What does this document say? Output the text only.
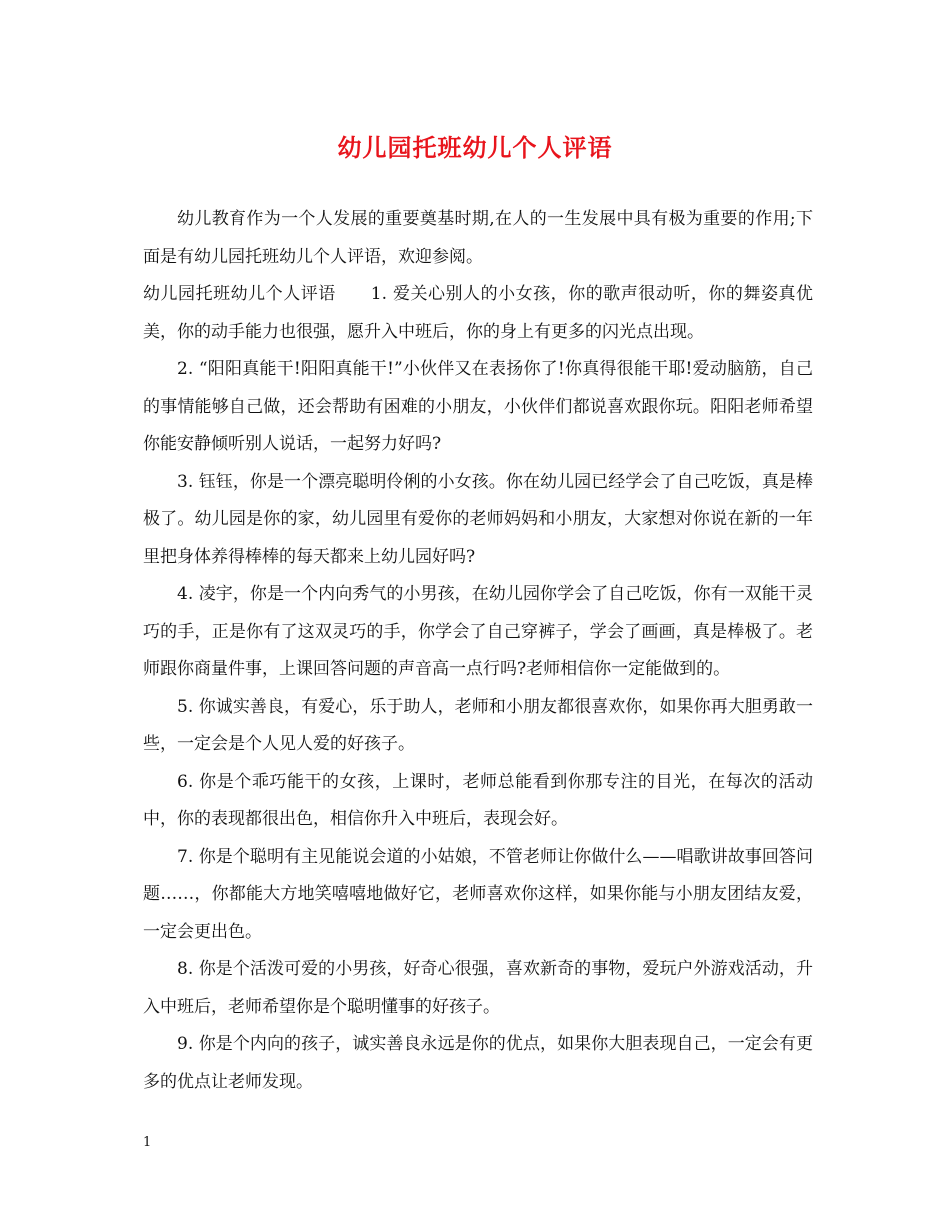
幼儿园托班幼儿个人评语

幼儿教育作为一个人发展的重要奠基时期,在人的一生发展中具有极为重要的作用;下面是有幼儿园托班幼儿个人评语，欢迎参阅。

幼儿园托班幼儿个人评语　　1. 爱关心别人的小女孩，你的歌声很动听，你的舞姿真优美，你的动手能力也很强，愿升入中班后，你的身上有更多的闪光点出现。

2. “阳阳真能干!阳阳真能干!”小伙伴又在表扬你了!你真得很能干耶!爱动脑筋，自己的事情能够自己做，还会帮助有困难的小朋友，小伙伴们都说喜欢跟你玩。阳阳老师希望你能安静倾听别人说话，一起努力好吗?

3. 钰钰，你是一个漂亮聪明伶俐的小女孩。你在幼儿园已经学会了自己吃饭，真是棒极了。幼儿园是你的家，幼儿园里有爱你的老师妈妈和小朋友，大家想对你说在新的一年里把身体养得棒棒的每天都来上幼儿园好吗?

4. 凌宇，你是一个内向秀气的小男孩，在幼儿园你学会了自己吃饭，你有一双能干灵巧的手，正是你有了这双灵巧的手，你学会了自己穿裤子，学会了画画，真是棒极了。老师跟你商量件事，上课回答问题的声音高一点行吗?老师相信你一定能做到的。

5. 你诚实善良，有爱心，乐于助人，老师和小朋友都很喜欢你，如果你再大胆勇敢一些，一定会是个人见人爱的好孩子。

6. 你是个乖巧能干的女孩，上课时，老师总能看到你那专注的目光，在每次的活动中，你的表现都很出色，相信你升入中班后，表现会好。

7. 你是个聪明有主见能说会道的小姑娘，不管老师让你做什么——唱歌讲故事回答问题……，你都能大方地笑嘻嘻地做好它，老师喜欢你这样，如果你能与小朋友团结友爱，一定会更出色。

8. 你是个活泼可爱的小男孩，好奇心很强，喜欢新奇的事物，爱玩户外游戏活动，升入中班后，老师希望你是个聪明懂事的好孩子。

9. 你是个内向的孩子，诚实善良永远是你的优点，如果你大胆表现自己，一定会有更多的优点让老师发现。

1
